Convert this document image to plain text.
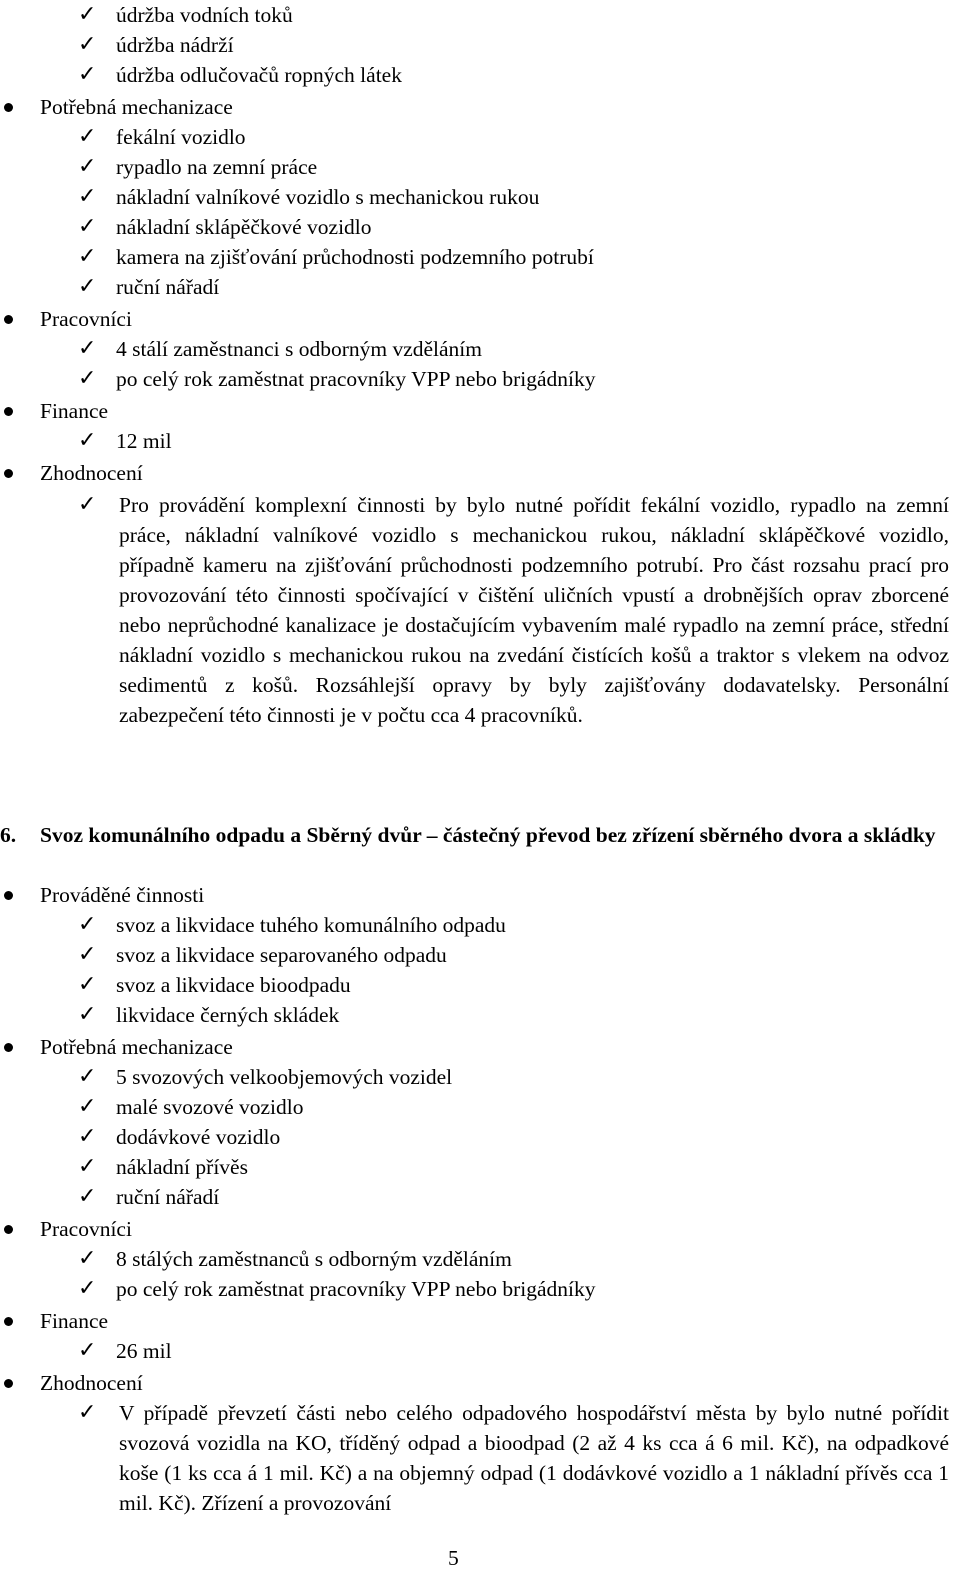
✓ údržba vodních toků
✓ údržba nádrží
✓ údržba odlučovačů ropných látek
Potřebná mechanizace
✓ fekální vozidlo
✓ rypadlo na zemní práce
✓ nákladní valníkové vozidlo s mechanickou rukou
✓ nákladní sklápěčkové vozidlo
✓ kamera na zjišťování průchodnosti podzemního potrubí
✓ ruční nářadí
Pracovníci
✓ 4 stálí zaměstnanci s odborným vzděláním
✓ po celý rok zaměstnat pracovníky VPP nebo brigádníky
Finance
✓ 12 mil
Zhodnocení
✓ Pro provádění komplexní činnosti by bylo nutné pořídit fekální vozidlo, rypadlo na zemní práce, nákladní valníkové vozidlo s mechanickou rukou, nákladní sklápěčkové vozidlo, případně kameru na zjišťování průchodnosti podzemního potrubí. Pro část rozsahu prací pro provozování této činnosti spočívající v čištění uličních vpustí a drobnějších oprav zborcené nebo neprůchodné kanalizace je dostačujícím vybavením malé rypadlo na zemní práce, střední nákladní vozidlo s mechanickou rukou na zvedání čistících košů a traktor s vlekem na odvoz sedimentů z košů. Rozsáhlejší opravy by byly zajišťovány dodavatelsky. Personální zabezpečení této činnosti je v počtu cca 4 pracovníků.
6. Svoz komunálního odpadu a Sběrný dvůr – částečný převod bez zřízení sběrného dvora a skládky
Prováděné činnosti
✓ svoz a likvidace tuhého komunálního odpadu
✓ svoz a likvidace separovaného odpadu
✓ svoz a likvidace bioodpadu
✓ likvidace černých skládek
Potřebná mechanizace
✓ 5 svozových velkoobjemových vozidel
✓ malé svozové vozidlo
✓ dodávkové vozidlo
✓ nákladní přívěs
✓ ruční nářadí
Pracovníci
✓ 8 stálých zaměstnanců s odborným vzděláním
✓ po celý rok zaměstnat pracovníky VPP nebo brigádníky
Finance
✓ 26 mil
Zhodnocení
✓ V případě převzetí části nebo celého odpadového hospodářství města by bylo nutné pořídit svozová vozidla na KO, tříděný odpad a bioodpad (2 až 4 ks cca á 6 mil. Kč), na odpadkové koše (1 ks cca á 1 mil. Kč) a na objemný odpad (1 dodávkové vozidlo a 1 nákladní přívěs cca 1 mil. Kč). Zřízení a provozování
5
